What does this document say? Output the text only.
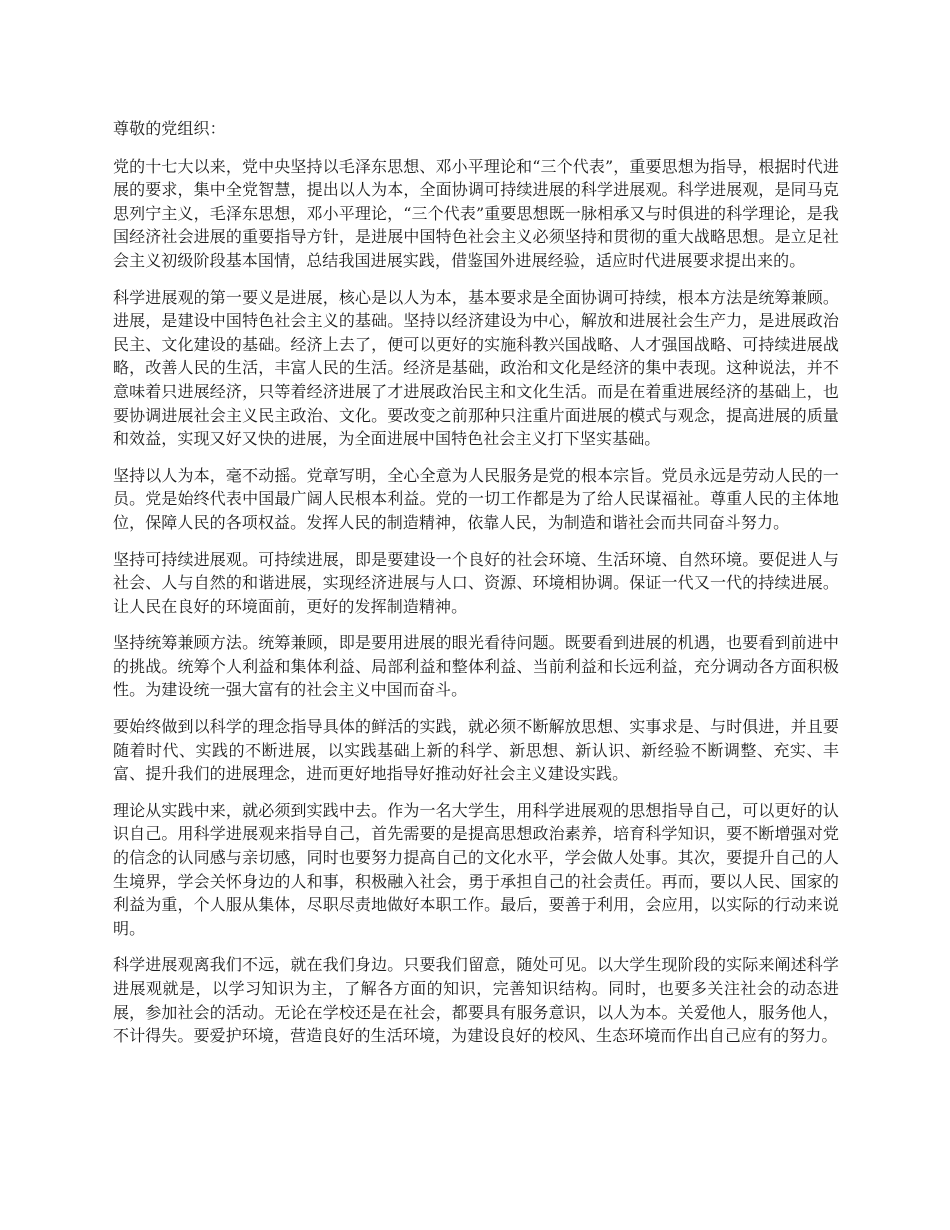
尊敬的党组织：

党的十七大以来，党中央坚持以毛泽东思想、邓小平理论和“三个代表”，重要思想为指导，根据时代进展的要求，集中全党智慧，提出以人为本，全面协调可持续进展的科学进展观。科学进展观，是同马克思列宁主义，毛泽东思想，邓小平理论，“三个代表”重要思想既一脉相承又与时俱进的科学理论，是我国经济社会进展的重要指导方针，是进展中国特色社会主义必须坚持和贯彻的重大战略思想。是立足社会主义初级阶段基本国情，总结我国进展实践，借鉴国外进展经验，适应时代进展要求提出来的。

科学进展观的第一要义是进展，核心是以人为本，基本要求是全面协调可持续，根本方法是统筹兼顾。进展，是建设中国特色社会主义的基础。坚持以经济建设为中心，解放和进展社会生产力，是进展政治民主、文化建设的基础。经济上去了，便可以更好的实施科教兴国战略、人才强国战略、可持续进展战略，改善人民的生活，丰富人民的生活。经济是基础，政治和文化是经济的集中表现。这种说法，并不意味着只进展经济，只等着经济进展了才进展政治民主和文化生活。而是在着重进展经济的基础上，也要协调进展社会主义民主政治、文化。要改变之前那种只注重片面进展的模式与观念，提高进展的质量和效益，实现又好又快的进展，为全面进展中国特色社会主义打下坚实基础。

坚持以人为本，毫不动摇。党章写明，全心全意为人民服务是党的根本宗旨。党员永远是劳动人民的一员。党是始终代表中国最广阔人民根本利益。党的一切工作都是为了给人民谋福祉。尊重人民的主体地位，保障人民的各项权益。发挥人民的制造精神，依靠人民，为制造和谐社会而共同奋斗努力。

坚持可持续进展观。可持续进展，即是要建设一个良好的社会环境、生活环境、自然环境。要促进人与社会、人与自然的和谐进展，实现经济进展与人口、资源、环境相协调。保证一代又一代的持续进展。让人民在良好的环境面前，更好的发挥制造精神。

坚持统筹兼顾方法。统筹兼顾，即是要用进展的眼光看待问题。既要看到进展的机遇，也要看到前进中的挑战。统筹个人利益和集体利益、局部利益和整体利益、当前利益和长远利益，充分调动各方面积极性。为建设统一强大富有的社会主义中国而奋斗。

要始终做到以科学的理念指导具体的鲜活的实践，就必须不断解放思想、实事求是、与时俱进，并且要随着时代、实践的不断进展，以实践基础上新的科学、新思想、新认识、新经验不断调整、充实、丰富、提升我们的进展理念，进而更好地指导好推动好社会主义建设实践。

理论从实践中来，就必须到实践中去。作为一名大学生，用科学进展观的思想指导自己，可以更好的认识自己。用科学进展观来指导自己，首先需要的是提高思想政治素养，培育科学知识，要不断增强对党的信念的认同感与亲切感，同时也要努力提高自己的文化水平，学会做人处事。其次，要提升自己的人生境界，学会关怀身边的人和事，积极融入社会，勇于承担自己的社会责任。再而，要以人民、国家的利益为重，个人服从集体，尽职尽责地做好本职工作。最后，要善于利用，会应用，以实际的行动来说明。

科学进展观离我们不远，就在我们身边。只要我们留意，随处可见。以大学生现阶段的实际来阐述科学进展观就是，以学习知识为主，了解各方面的知识，完善知识结构。同时，也要多关注社会的动态进展，参加社会的活动。无论在学校还是在社会，都要具有服务意识，以人为本。关爱他人，服务他人，不计得失。要爱护环境，营造良好的生活环境，为建设良好的校风、生态环境而作出自己应有的努力。
